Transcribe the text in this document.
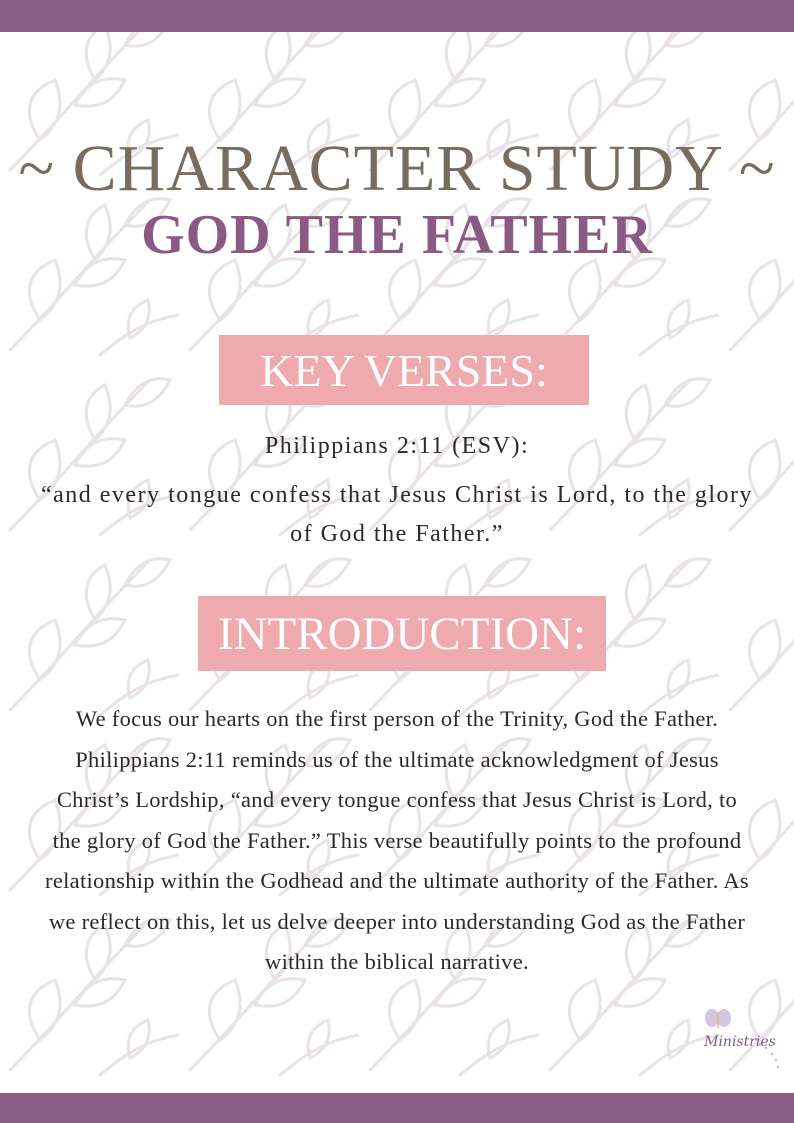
~ CHARACTER STUDY ~
GOD THE FATHER
KEY VERSES:
Philippians 2:11 (ESV):
“and every tongue confess that Jesus Christ is Lord, to the glory of God the Father.”
INTRODUCTION:
We focus our hearts on the first person of the Trinity, God the Father. Philippians 2:11 reminds us of the ultimate acknowledgment of Jesus Christ’s Lordship, “and every tongue confess that Jesus Christ is Lord, to the glory of God the Father.” This verse beautifully points to the profound relationship within the Godhead and the ultimate authority of the Father. As we reflect on this, let us delve deeper into understanding God as the Father within the biblical narrative.
Ministries
